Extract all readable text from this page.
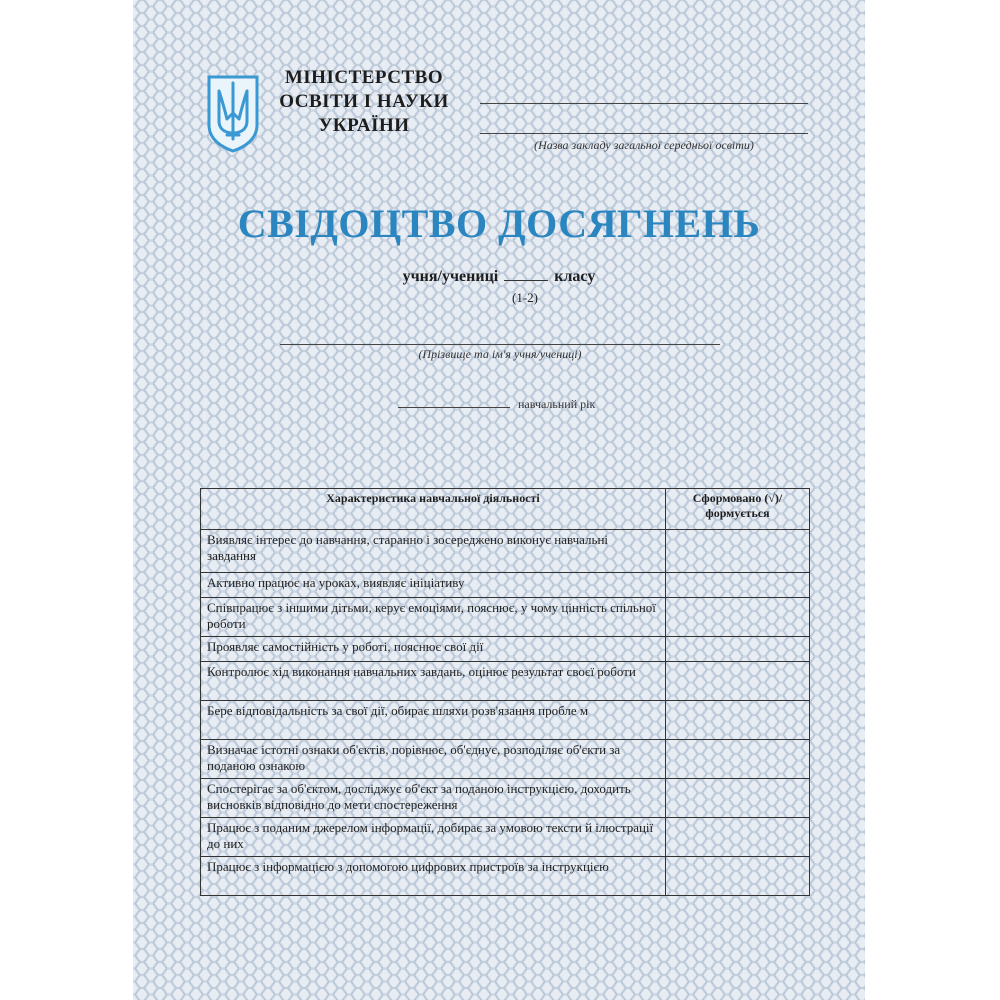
МІНІСТЕРСТВО
ОСВІТИ І НАУКИ
УКРАЇНИ
(Назва закладу загальної середньої освіти)
СВІДОЦТВО ДОСЯГНЕНЬ
учня/учениці	класу
(1-2)
(Прізвище та ім'я учня/учениці)
навчальний рік
Характеристика навчальної діяльності	Сформовано (√)/ формується
Виявляє інтерес до навчання, старанно і зосереджено виконує навчальні завдання	
Активно працює на уроках, виявляє ініціативу	
Співпрацює з іншими дітьми, керує емоціями, пояснює, у чому цінність спільної роботи	
Проявляє самостійність у роботі, пояснює свої дії	
Контролює хід виконання навчальних завдань, оцінює результат своєї роботи	
Бере відповідальність за свої дії, обирає шляхи розв'язання пробле м	
Визначає істотні ознаки об'єктів, порівнює, об'єднує, розподіляє об'єкти за поданою ознакою	
Спостерігає за об'єктом, досліджує об'єкт за поданою інструкцією, доходить висновків відповідно до мети спостереження	
Працює з поданим джерелом інформації, добирає за умовою тексти й ілюстрації до них	
Працює з інформацією з допомогою цифрових пристроїв за інструкцією	
